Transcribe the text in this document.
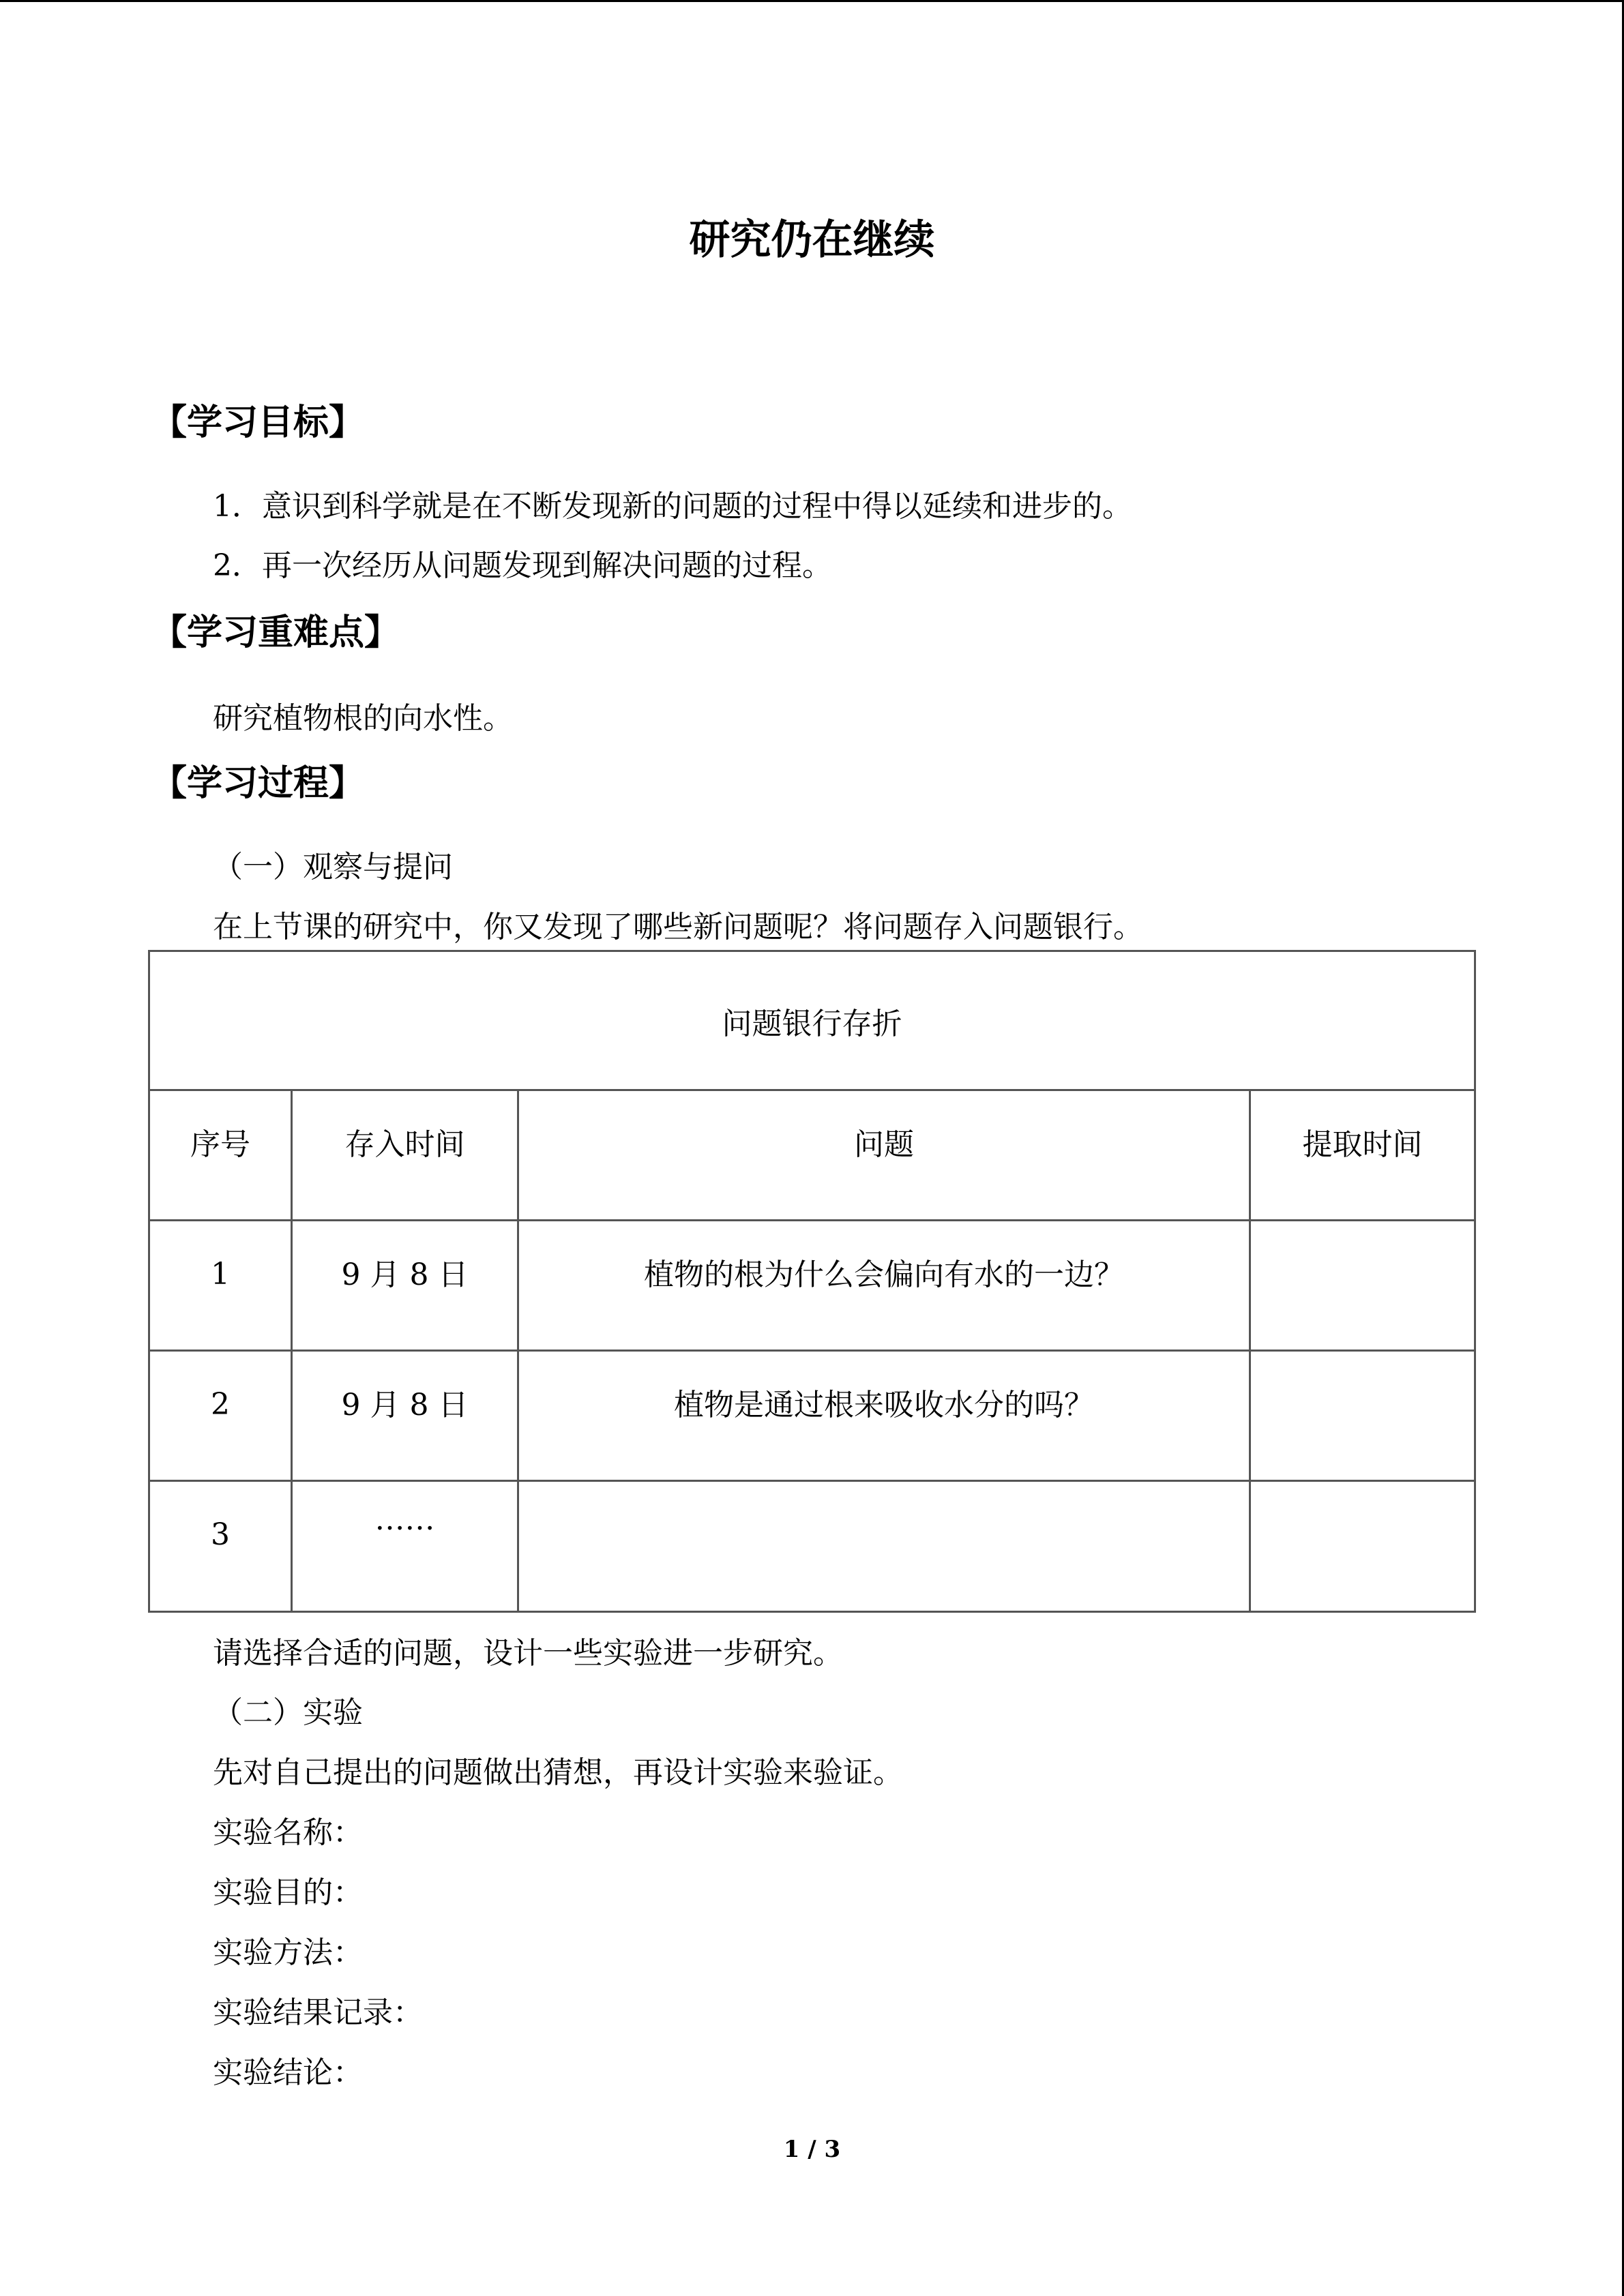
研究仍在继续
【学习目标】
1．意识到科学就是在不断发现新的问题的过程中得以延续和进步的。
2．再一次经历从问题发现到解决问题的过程。
【学习重难点】
研究植物根的向水性。
【学习过程】
（一）观察与提问
在上节课的研究中，你又发现了哪些新问题呢？将问题存入问题银行。
问题银行存折
序号	存入时间	问题	提取时间
1	9 月 8 日	植物的根为什么会偏向有水的一边？
2	9 月 8 日	植物是通过根来吸收水分的吗？
3	……
请选择合适的问题，设计一些实验进一步研究。
（二）实验
先对自己提出的问题做出猜想，再设计实验来验证。
实验名称：
实验目的：
实验方法：
实验结果记录：
实验结论：
1 / 3
